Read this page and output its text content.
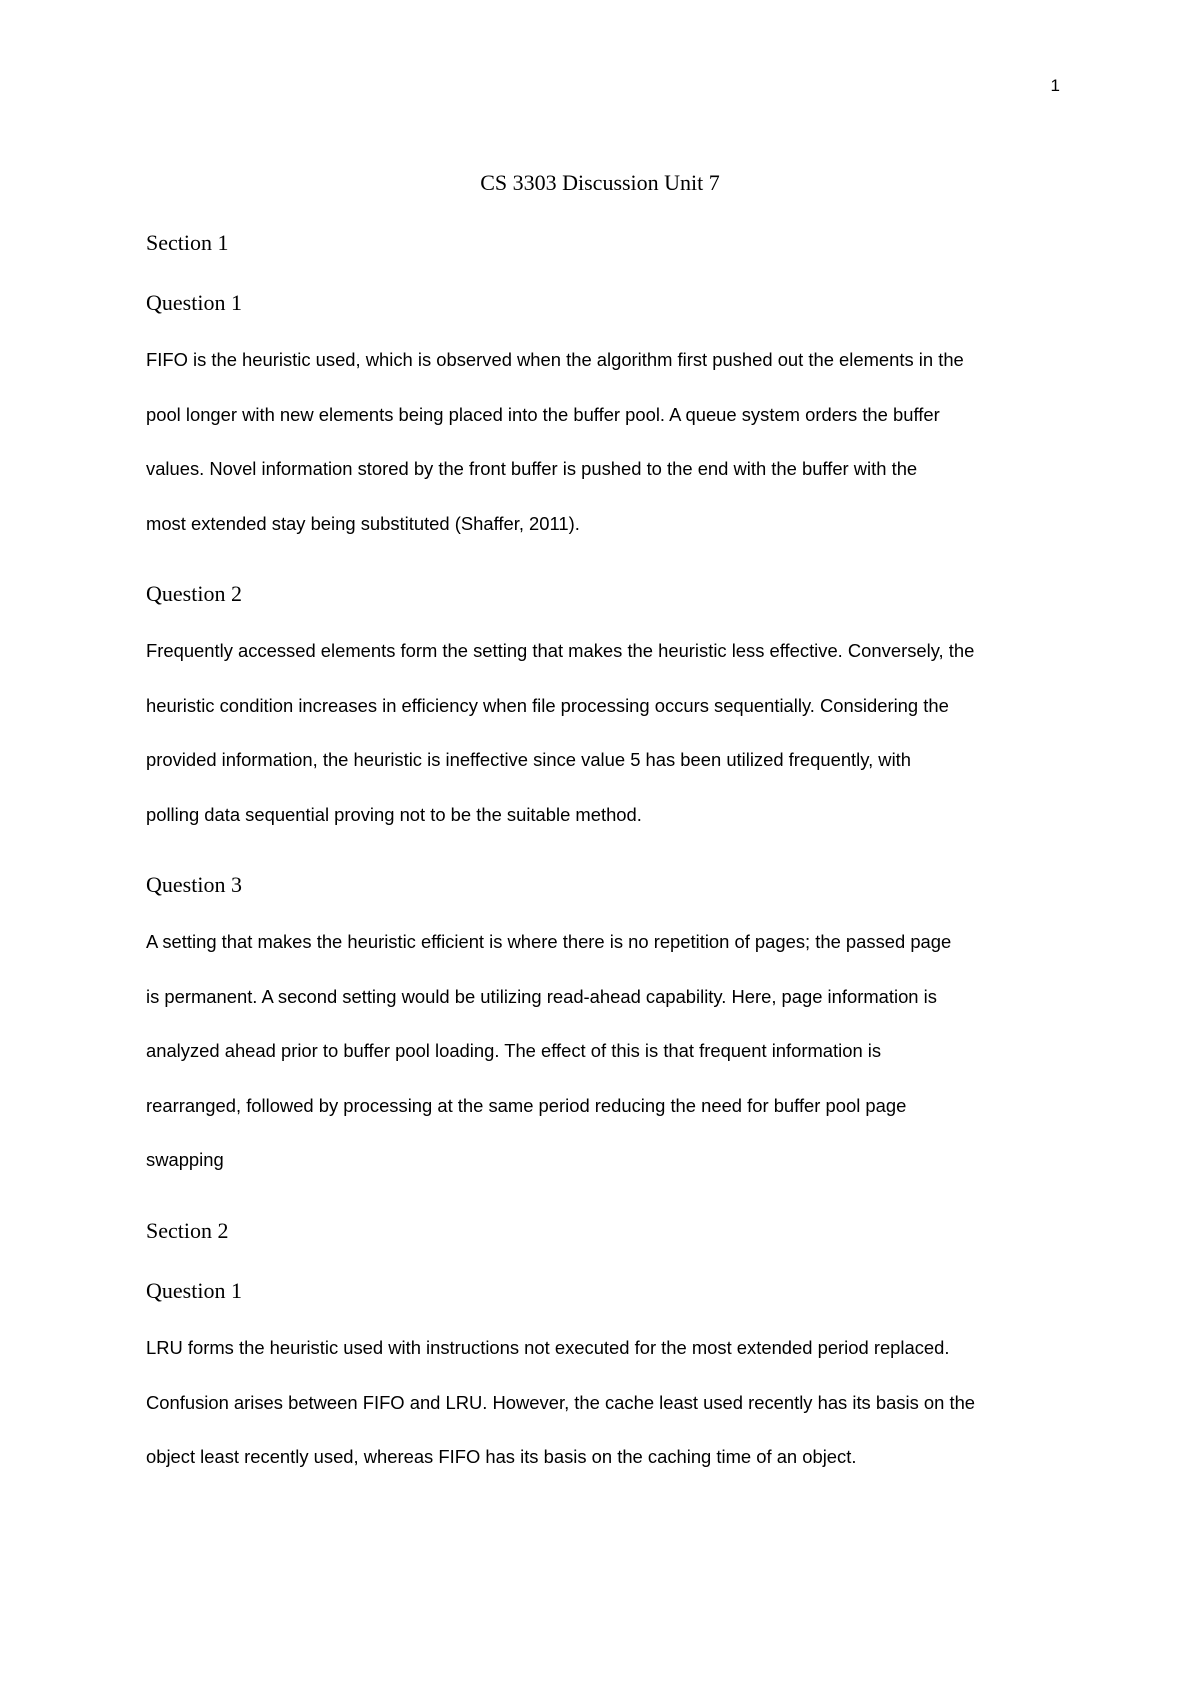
1
CS 3303 Discussion Unit 7
Section 1
Question 1
FIFO is the heuristic used, which is observed when the algorithm first pushed out the elements in the
pool longer with new elements being placed into the buffer pool. A queue system orders the buffer
values. Novel information stored by the front buffer is pushed to the end with the buffer with the
most extended stay being substituted (Shaffer, 2011).
Question 2
Frequently accessed elements form the setting that makes the heuristic less effective. Conversely, the
heuristic condition increases in efficiency when file processing occurs sequentially. Considering the
provided information, the heuristic is ineffective since value 5 has been utilized frequently, with
polling data sequential proving not to be the suitable method.
Question 3
A setting that makes the heuristic efficient is where there is no repetition of pages; the passed page
is permanent. A second setting would be utilizing read-ahead capability. Here, page information is
analyzed ahead prior to buffer pool loading. The effect of this is that frequent information is
rearranged, followed by processing at the same period reducing the need for buffer pool page
swapping
Section 2
Question 1
LRU forms the heuristic used with instructions not executed for the most extended period replaced.
Confusion arises between FIFO and LRU. However, the cache least used recently has its basis on the
object least recently used, whereas FIFO has its basis on the caching time of an object.
